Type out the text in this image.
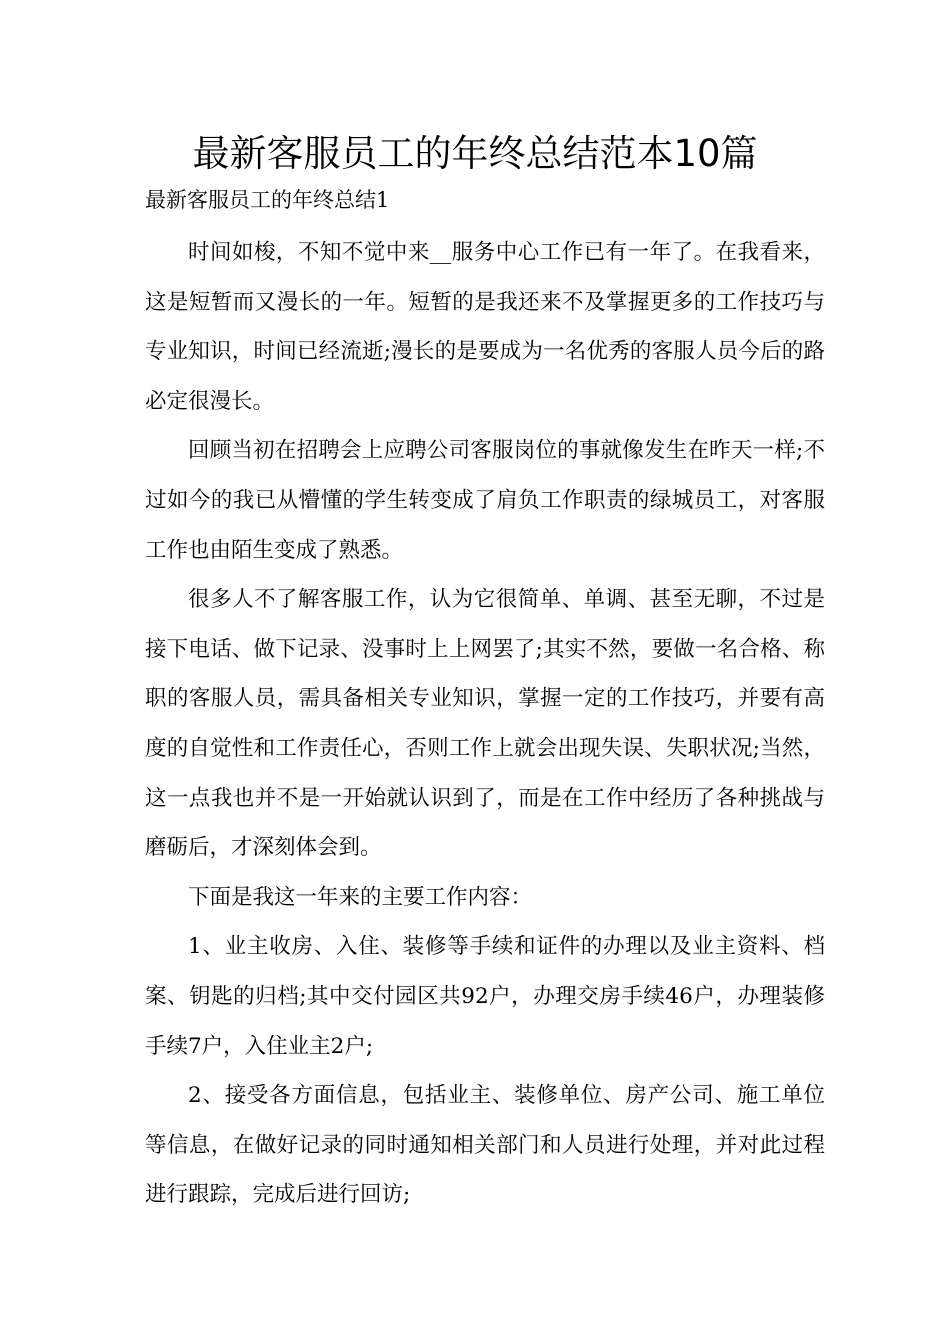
最新客服员工的年终总结范本10篇
最新客服员工的年终总结1

时间如梭，不知不觉中来__服务中心工作已有一年了。在我看来，这是短暂而又漫长的一年。短暂的是我还来不及掌握更多的工作技巧与专业知识，时间已经流逝;漫长的是要成为一名优秀的客服人员今后的路必定很漫长。

回顾当初在招聘会上应聘公司客服岗位的事就像发生在昨天一样;不过如今的我已从懵懂的学生转变成了肩负工作职责的绿城员工，对客服工作也由陌生变成了熟悉。

很多人不了解客服工作，认为它很简单、单调、甚至无聊，不过是接下电话、做下记录、没事时上上网罢了;其实不然，要做一名合格、称职的客服人员，需具备相关专业知识，掌握一定的工作技巧，并要有高度的自觉性和工作责任心，否则工作上就会出现失误、失职状况;当然，这一点我也并不是一开始就认识到了，而是在工作中经历了各种挑战与磨砺后，才深刻体会到。

下面是我这一年来的主要工作内容：

1、业主收房、入住、装修等手续和证件的办理以及业主资料、档案、钥匙的归档;其中交付园区共92户，办理交房手续46户，办理装修手续7户，入住业主2户;

2、接受各方面信息，包括业主、装修单位、房产公司、施工单位等信息，在做好记录的同时通知相关部门和人员进行处理，并对此过程进行跟踪，完成后进行回访;
